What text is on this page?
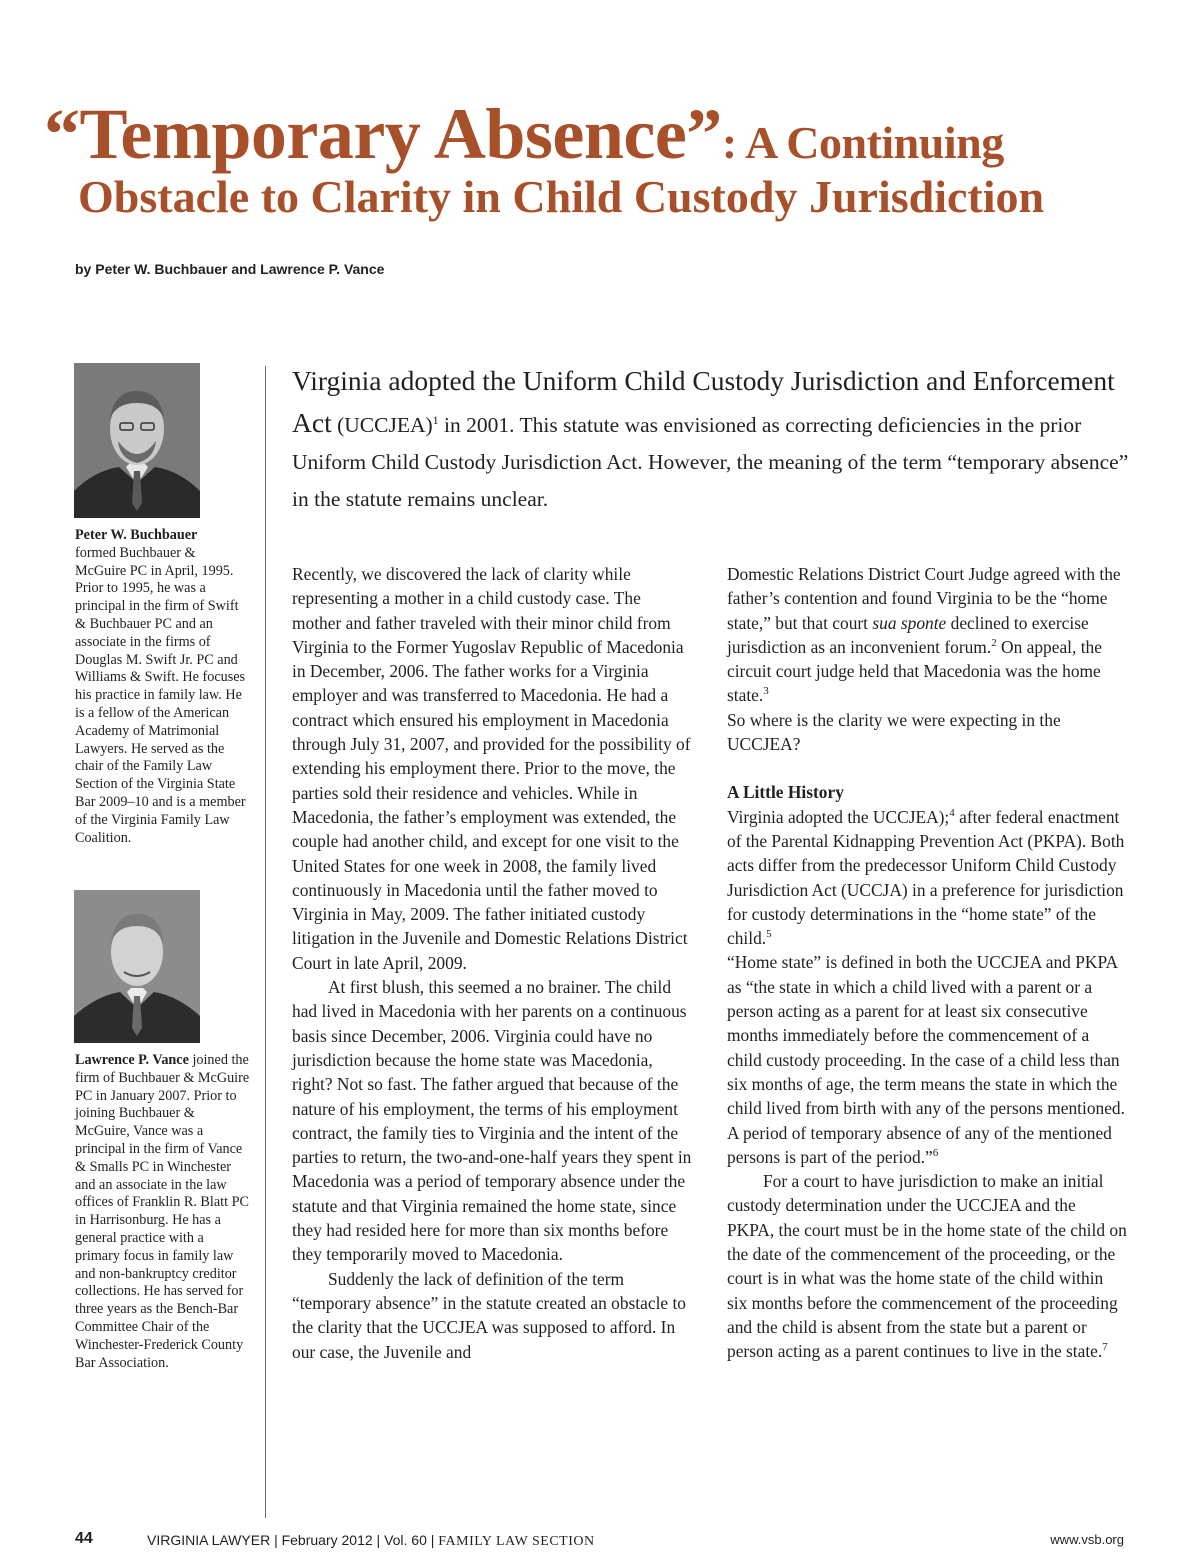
“Temporary Absence”: A Continuing
Obstacle to Clarity in Child Custody Jurisdiction
by Peter W. Buchbauer and Lawrence P. Vance

Peter W. Buchbauer
formed Buchbauer & McGuire PC in April, 1995. Prior to 1995, he was a principal in the firm of Swift & Buchbauer PC and an associate in the firms of Douglas M. Swift Jr. PC and Williams & Swift. He focuses his practice in family law. He is a fellow of the American Academy of Matrimonial Lawyers. He served as the chair of the Family Law Section of the Virginia State Bar 2009–10 and is a member of the Virginia Family Law Coalition.

Lawrence P. Vance joined the firm of Buchbauer & McGuire PC in January 2007. Prior to joining Buchbauer & McGuire, Vance was a principal in the firm of Vance & Smalls PC in Winchester and an associate in the law offices of Franklin R. Blatt PC in Harrisonburg. He has a general practice with a primary focus in family law and non-bankruptcy creditor collections. He has served for three years as the Bench-Bar Committee Chair of the Winchester-Frederick County Bar Association.

Virginia adopted the Uniform Child Custody Jurisdiction and Enforcement Act (UCCJEA)$^1$ in 2001. This statute was envisioned as correcting deficiencies in the prior Uniform Child Custody Jurisdiction Act. However, the meaning of the term “temporary absence” in the statute remains unclear.

Recently, we discovered the lack of clarity while representing a mother in a child custody case. The mother and father traveled with their minor child from Virginia to the Former Yugoslav Republic of Macedonia in December, 2006. The father works for a Virginia employer and was transferred to Macedonia. He had a contract which ensured his employment in Macedonia through July 31, 2007, and provided for the possibility of extending his employment there. Prior to the move, the parties sold their residence and vehicles. While in Macedonia, the father’s employment was extended, the couple had another child, and except for one visit to the United States for one week in 2008, the family lived continuously in Macedonia until the father moved to Virginia in May, 2009. The father initiated custody litigation in the Juvenile and Domestic Relations District Court in late April, 2009.

At first blush, this seemed a no brainer. The child had lived in Macedonia with her parents on a continuous basis since December, 2006. Virginia could have no jurisdiction because the home state was Macedonia, right? Not so fast. The father argued that because of the nature of his employment, the terms of his employment contract, the family ties to Virginia and the intent of the parties to return, the two-and-one-half years they spent in Macedonia was a period of temporary absence under the statute and that Virginia remained the home state, since they had resided here for more than six months before they temporarily moved to Macedonia.

Suddenly the lack of definition of the term “temporary absence” in the statute created an obstacle to the clarity that the UCCJEA was supposed to afford. In our case, the Juvenile and

Domestic Relations District Court Judge agreed with the father’s contention and found Virginia to be the “home state,” but that court sua sponte declined to exercise jurisdiction as an inconvenient forum.$^2$ On appeal, the circuit court judge held that Macedonia was the home state.$^3$

So where is the clarity we were expecting in the UCCJEA?

A Little History

Virginia adopted the UCCJEA);$^4$ after federal enactment of the Parental Kidnapping Prevention Act (PKPA). Both acts differ from the predecessor Uniform Child Custody Jurisdiction Act (UCCJA) in a preference for jurisdiction for custody determinations in the “home state” of the child.$^5$

“Home state” is defined in both the UCCJEA and PKPA as “the state in which a child lived with a parent or a person acting as a parent for at least six consecutive months immediately before the commencement of a child custody proceeding. In the case of a child less than six months of age, the term means the state in which the child lived from birth with any of the persons mentioned. A period of temporary absence of any of the mentioned persons is part of the period.”$^6$

For a court to have jurisdiction to make an initial custody determination under the UCCJEA and the PKPA, the court must be in the home state of the child on the date of the commencement of the proceeding, or the court is in what was the home state of the child within six months before the commencement of the proceeding and the child is absent from the state but a parent or person acting as a parent continues to live in the state.$^7$

44	VIRGINIA LAWYER | February 2012 | Vol. 60 | FAMILY LAW SECTION	www.vsb.org
